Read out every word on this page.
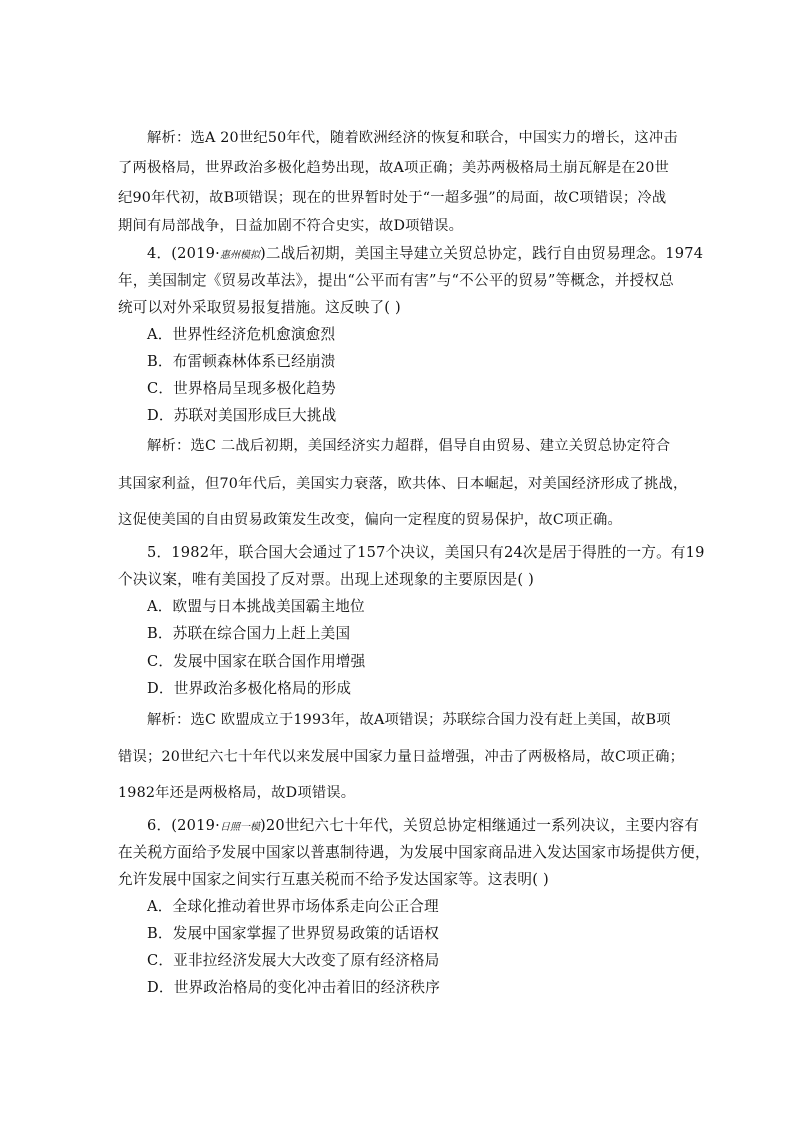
解析：选A 20世纪50年代，随着欧洲经济的恢复和联合，中国实力的增长，这冲击
了两极格局，世界政治多极化趋势出现，故A项正确；美苏两极格局土崩瓦解是在20世
纪90年代初，故B项错误；现在的世界暂时处于“一超多强”的局面，故C项错误；冷战
期间有局部战争，日益加剧不符合史实，故D项错误。
4．(2019·惠州模拟)二战后初期，美国主导建立关贸总协定，践行自由贸易理念。1974
年，美国制定《贸易改革法》，提出“公平而有害”与“不公平的贸易”等概念，并授权总
统可以对外采取贸易报复措施。这反映了( )
A．世界性经济危机愈演愈烈
B．布雷顿森林体系已经崩溃
C．世界格局呈现多极化趋势
D．苏联对美国形成巨大挑战
解析：选C 二战后初期，美国经济实力超群，倡导自由贸易、建立关贸总协定符合
其国家利益，但70年代后，美国实力衰落，欧共体、日本崛起，对美国经济形成了挑战，
这促使美国的自由贸易政策发生改变，偏向一定程度的贸易保护，故C项正确。
5．1982年，联合国大会通过了157个决议，美国只有24次是居于得胜的一方。有19
个决议案，唯有美国投了反对票。出现上述现象的主要原因是( )
A．欧盟与日本挑战美国霸主地位
B．苏联在综合国力上赶上美国
C．发展中国家在联合国作用增强
D．世界政治多极化格局的形成
解析：选C 欧盟成立于1993年，故A项错误；苏联综合国力没有赶上美国，故B项
错误；20世纪六七十年代以来发展中国家力量日益增强，冲击了两极格局，故C项正确；
1982年还是两极格局，故D项错误。
6．(2019·日照一模)20世纪六七十年代，关贸总协定相继通过一系列决议，主要内容有
在关税方面给予发展中国家以普惠制待遇，为发展中国家商品进入发达国家市场提供方便，
允许发展中国家之间实行互惠关税而不给予发达国家等。这表明( )
A．全球化推动着世界市场体系走向公正合理
B．发展中国家掌握了世界贸易政策的话语权
C．亚非拉经济发展大大改变了原有经济格局
D．世界政治格局的变化冲击着旧的经济秩序
